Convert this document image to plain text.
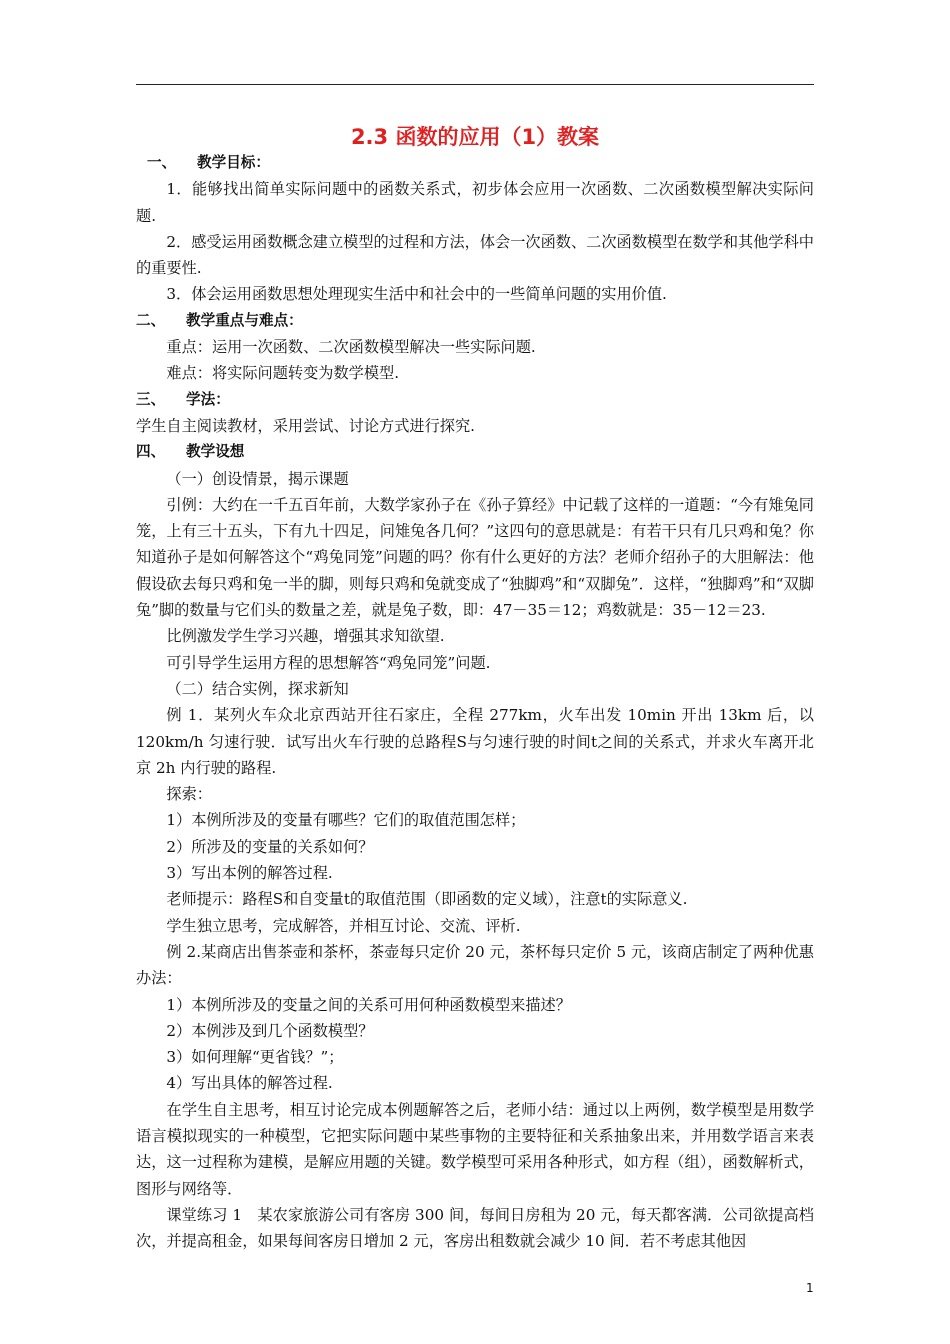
2.3 函数的应用（1）教案

一、 教学目标：

1．能够找出简单实际问题中的函数关系式，初步体会应用一次函数、二次函数模型解决实际问题.

2．感受运用函数概念建立模型的过程和方法，体会一次函数、二次函数模型在数学和其他学科中的重要性.

3．体会运用函数思想处理现实生活中和社会中的一些简单问题的实用价值.

二、 教学重点与难点：

重点：运用一次函数、二次函数模型解决一些实际问题.

难点：将实际问题转变为数学模型.

三、 学法：

学生自主阅读教材，采用尝试、讨论方式进行探究.

四、 教学设想

（一）创设情景，揭示课题

引例：大约在一千五百年前，大数学家孙子在《孙子算经》中记载了这样的一道题：“今有雉兔同笼，上有三十五头，下有九十四足，问雉兔各几何？”这四句的意思就是：有若干只有几只鸡和兔？你知道孙子是如何解答这个“鸡兔同笼”问题的吗？你有什么更好的方法？老师介绍孙子的大胆解法：他假设砍去每只鸡和兔一半的脚，则每只鸡和兔就变成了“独脚鸡”和“双脚兔”．这样，“独脚鸡”和“双脚兔”脚的数量与它们头的数量之差，就是兔子数，即：47－35＝12；鸡数就是：35－12＝23.

比例激发学生学习兴趣，增强其求知欲望.

可引导学生运用方程的思想解答“鸡兔同笼”问题.

（二）结合实例，探求新知

例 1．某列火车众北京西站开往石家庄，全程 277km，火车出发 10min 开出 13km 后，以120km/h 匀速行驶．试写出火车行驶的总路程S与匀速行驶的时间t之间的关系式，并求火车离开北京 2h 内行驶的路程.

探索：

1）本例所涉及的变量有哪些？它们的取值范围怎样；

2）所涉及的变量的关系如何？

3）写出本例的解答过程.

老师提示：路程S和自变量t的取值范围（即函数的定义域），注意t的实际意义.

学生独立思考，完成解答，并相互讨论、交流、评析.

例 2.某商店出售茶壶和茶杯，茶壶每只定价 20 元，茶杯每只定价 5 元，该商店制定了两种优惠办法：

1）本例所涉及的变量之间的关系可用何种函数模型来描述？

2）本例涉及到几个函数模型？

3）如何理解“更省钱？”；

4）写出具体的解答过程.

在学生自主思考，相互讨论完成本例题解答之后，老师小结：通过以上两例，数学模型是用数学语言模拟现实的一种模型，它把实际问题中某些事物的主要特征和关系抽象出来，并用数学语言来表达，这一过程称为建模，是解应用题的关键。数学模型可采用各种形式，如方程（组），函数解析式，图形与网络等．

课堂练习 1　某农家旅游公司有客房 300 间，每间日房租为 20 元，每天都客满．公司欲提高档次，并提高租金，如果每间客房日增加 2 元，客房出租数就会减少 10 间．若不考虑其他因

1
